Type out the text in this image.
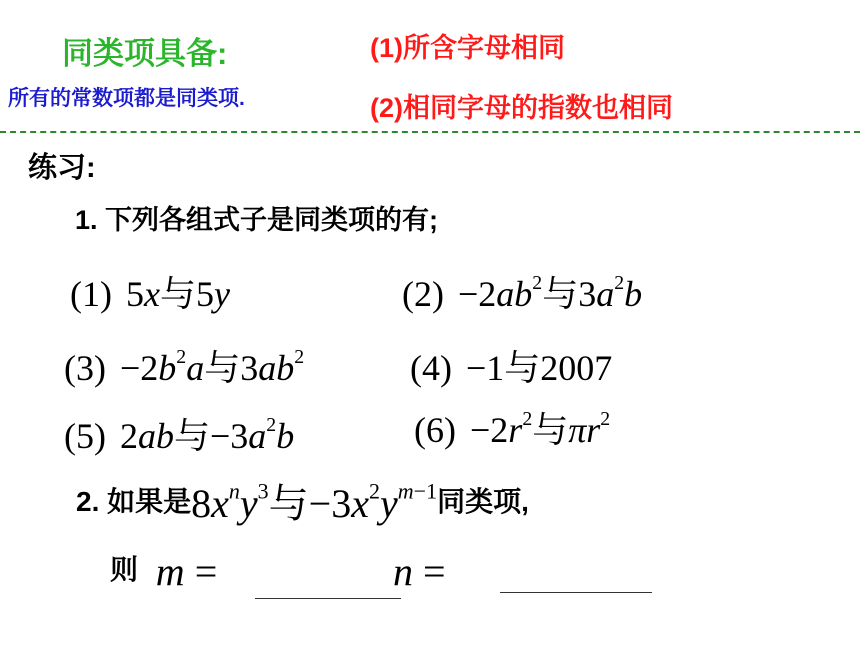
同类项具备:
所有的常数项都是同类项.
(1)所含字母相同
(2)相同字母的指数也相同
练习:
1. 下列各组式子是同类项的有;
(1) 5x与5y	$(2) -2ab^2$与$3a^2b$
$(3) -2b^2a$与$3ab^2$	(4) −1与2007
(5) 2ab与$-3a^2b$	$(6) -2r^2$与$\pi r^2$
2. 如果是$8x^ny^3$与$-3x^2y^{m-1}$同类项,
则 m =	n =
